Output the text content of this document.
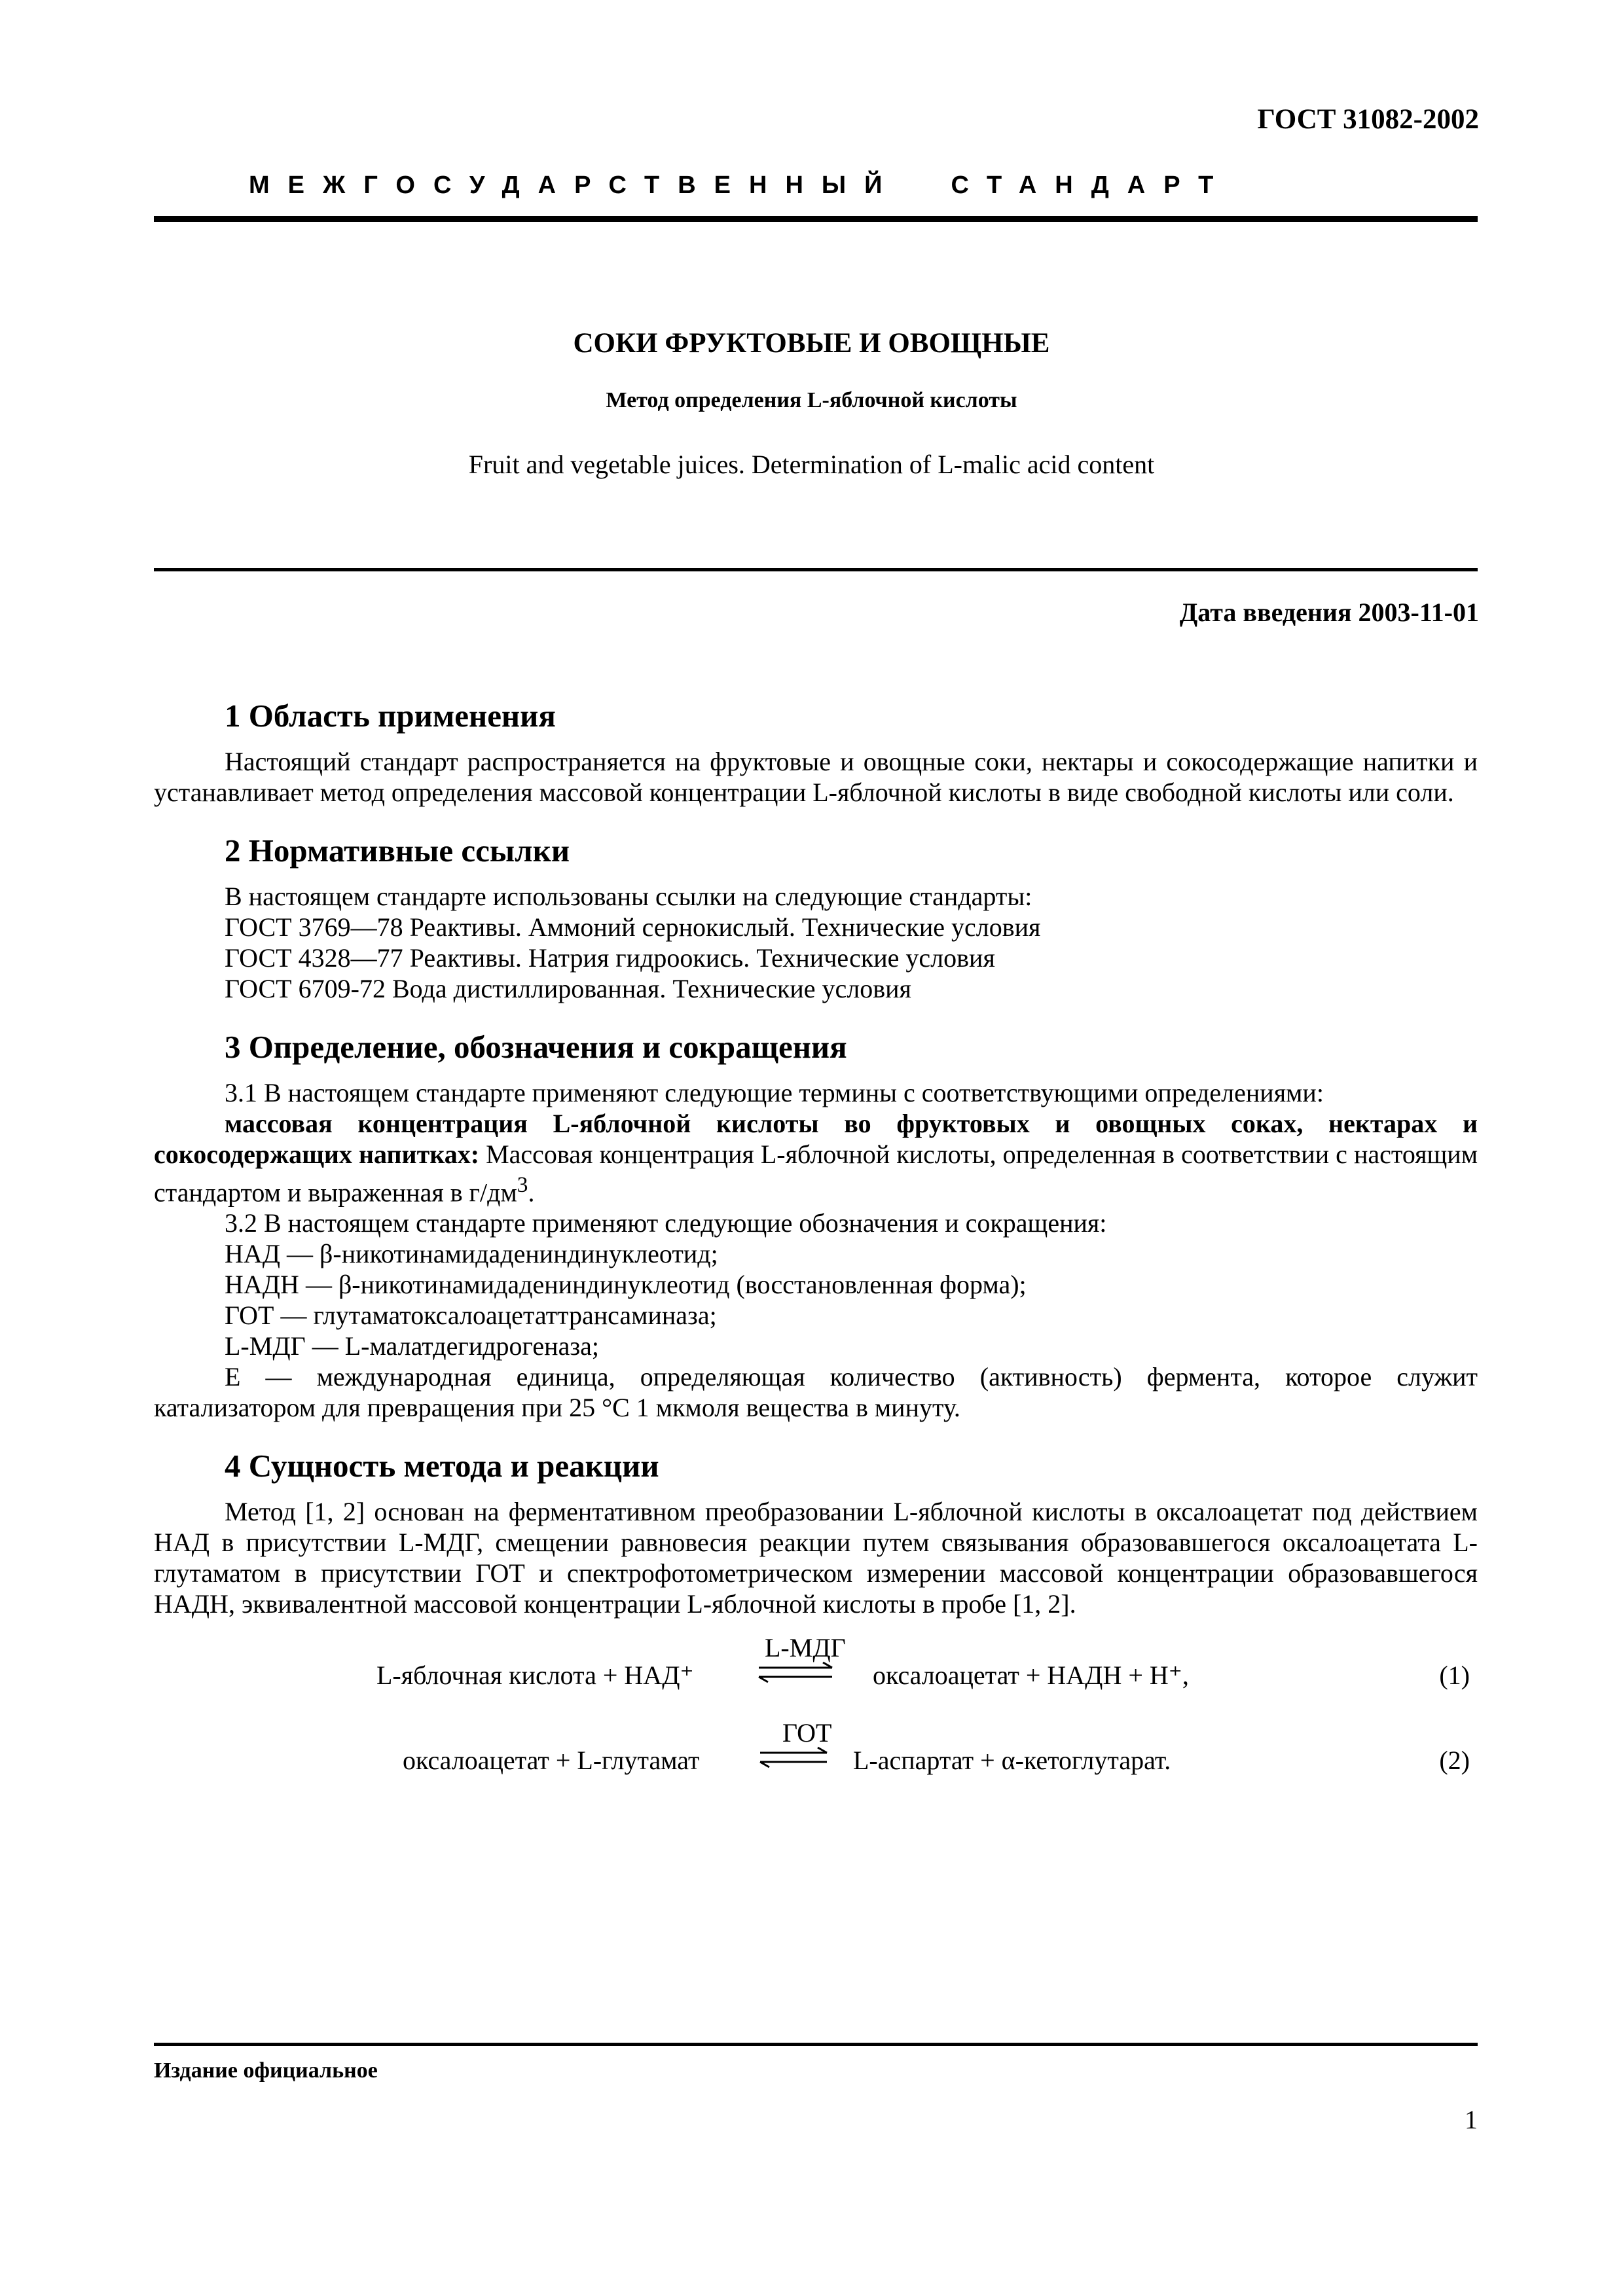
ГОСТ 31082-2002
МЕЖГОСУДАРСТВЕННЫЙ  СТАНДАРТ
СОКИ ФРУКТОВЫЕ И ОВОЩНЫЕ
Метод определения L-яблочной кислоты
Fruit and vegetable juices. Determination of L-malic acid content
Дата введения 2003-11-01
1 Область применения

Настоящий стандарт распространяется на фруктовые и овощные соки, нектары и сокосодержащие напитки и устанавливает метод определения массовой концентрации L-яблочной кислоты в виде свободной кислоты или соли.

2 Нормативные ссылки

В настоящем стандарте использованы ссылки на следующие стандарты:

ГОСТ 3769—78 Реактивы. Аммоний сернокислый. Технические условия

ГОСТ 4328—77 Реактивы. Натрия гидроокись. Технические условия

ГОСТ 6709-72 Вода дистиллированная. Технические условия

3 Определение, обозначения и сокращения

3.1 В настоящем стандарте применяют следующие термины с соответствующими определениями:

массовая концентрация L-яблочной кислоты во фруктовых и овощных соках, нектарах и сокосодержащих напитках: Массовая концентрация L-яблочной кислоты, определенная в соответствии с настоящим стандартом и выраженная в $г/дм^3$.

3.2 В настоящем стандарте применяют следующие обозначения и сокращения:

НАД — β-никотинамидадениндинуклеотид;

НАДН — β-никотинамидадениндинуклеотид (восстановленная форма);

ГОТ — глутаматоксалоацетаттрансаминаза;

L-МДГ — L-малатдегидрогеназа;

Е — международная единица, определяющая количество (активность) фермента, которое служит катализатором для превращения при 25 °С 1 мкмоля вещества в минуту.

4 Сущность метода и реакции

Метод [1, 2] основан на ферментативном преобразовании L-яблочной кислоты в оксалоацетат под действием НАД в присутствии L-МДГ, смещении равновесия реакции путем связывания образовавшегося оксалоацетата L-глутаматом в присутствии ГОТ и спектрофотометрическом измерении массовой концентрации образовавшегося НАДН, эквивалентной массовой концентрации L-яблочной кислоты в пробе [1, 2].

L-яблочная кислота + НАД⁺
L-МДГ
⇌ оксалоацетат + НАДН + Н⁺,	(1)
оксалоацетат + L-глутамат
ГОТ
⇌ L-аспартат + α-кетоглутарат.	(2)
Издание официальное
1
